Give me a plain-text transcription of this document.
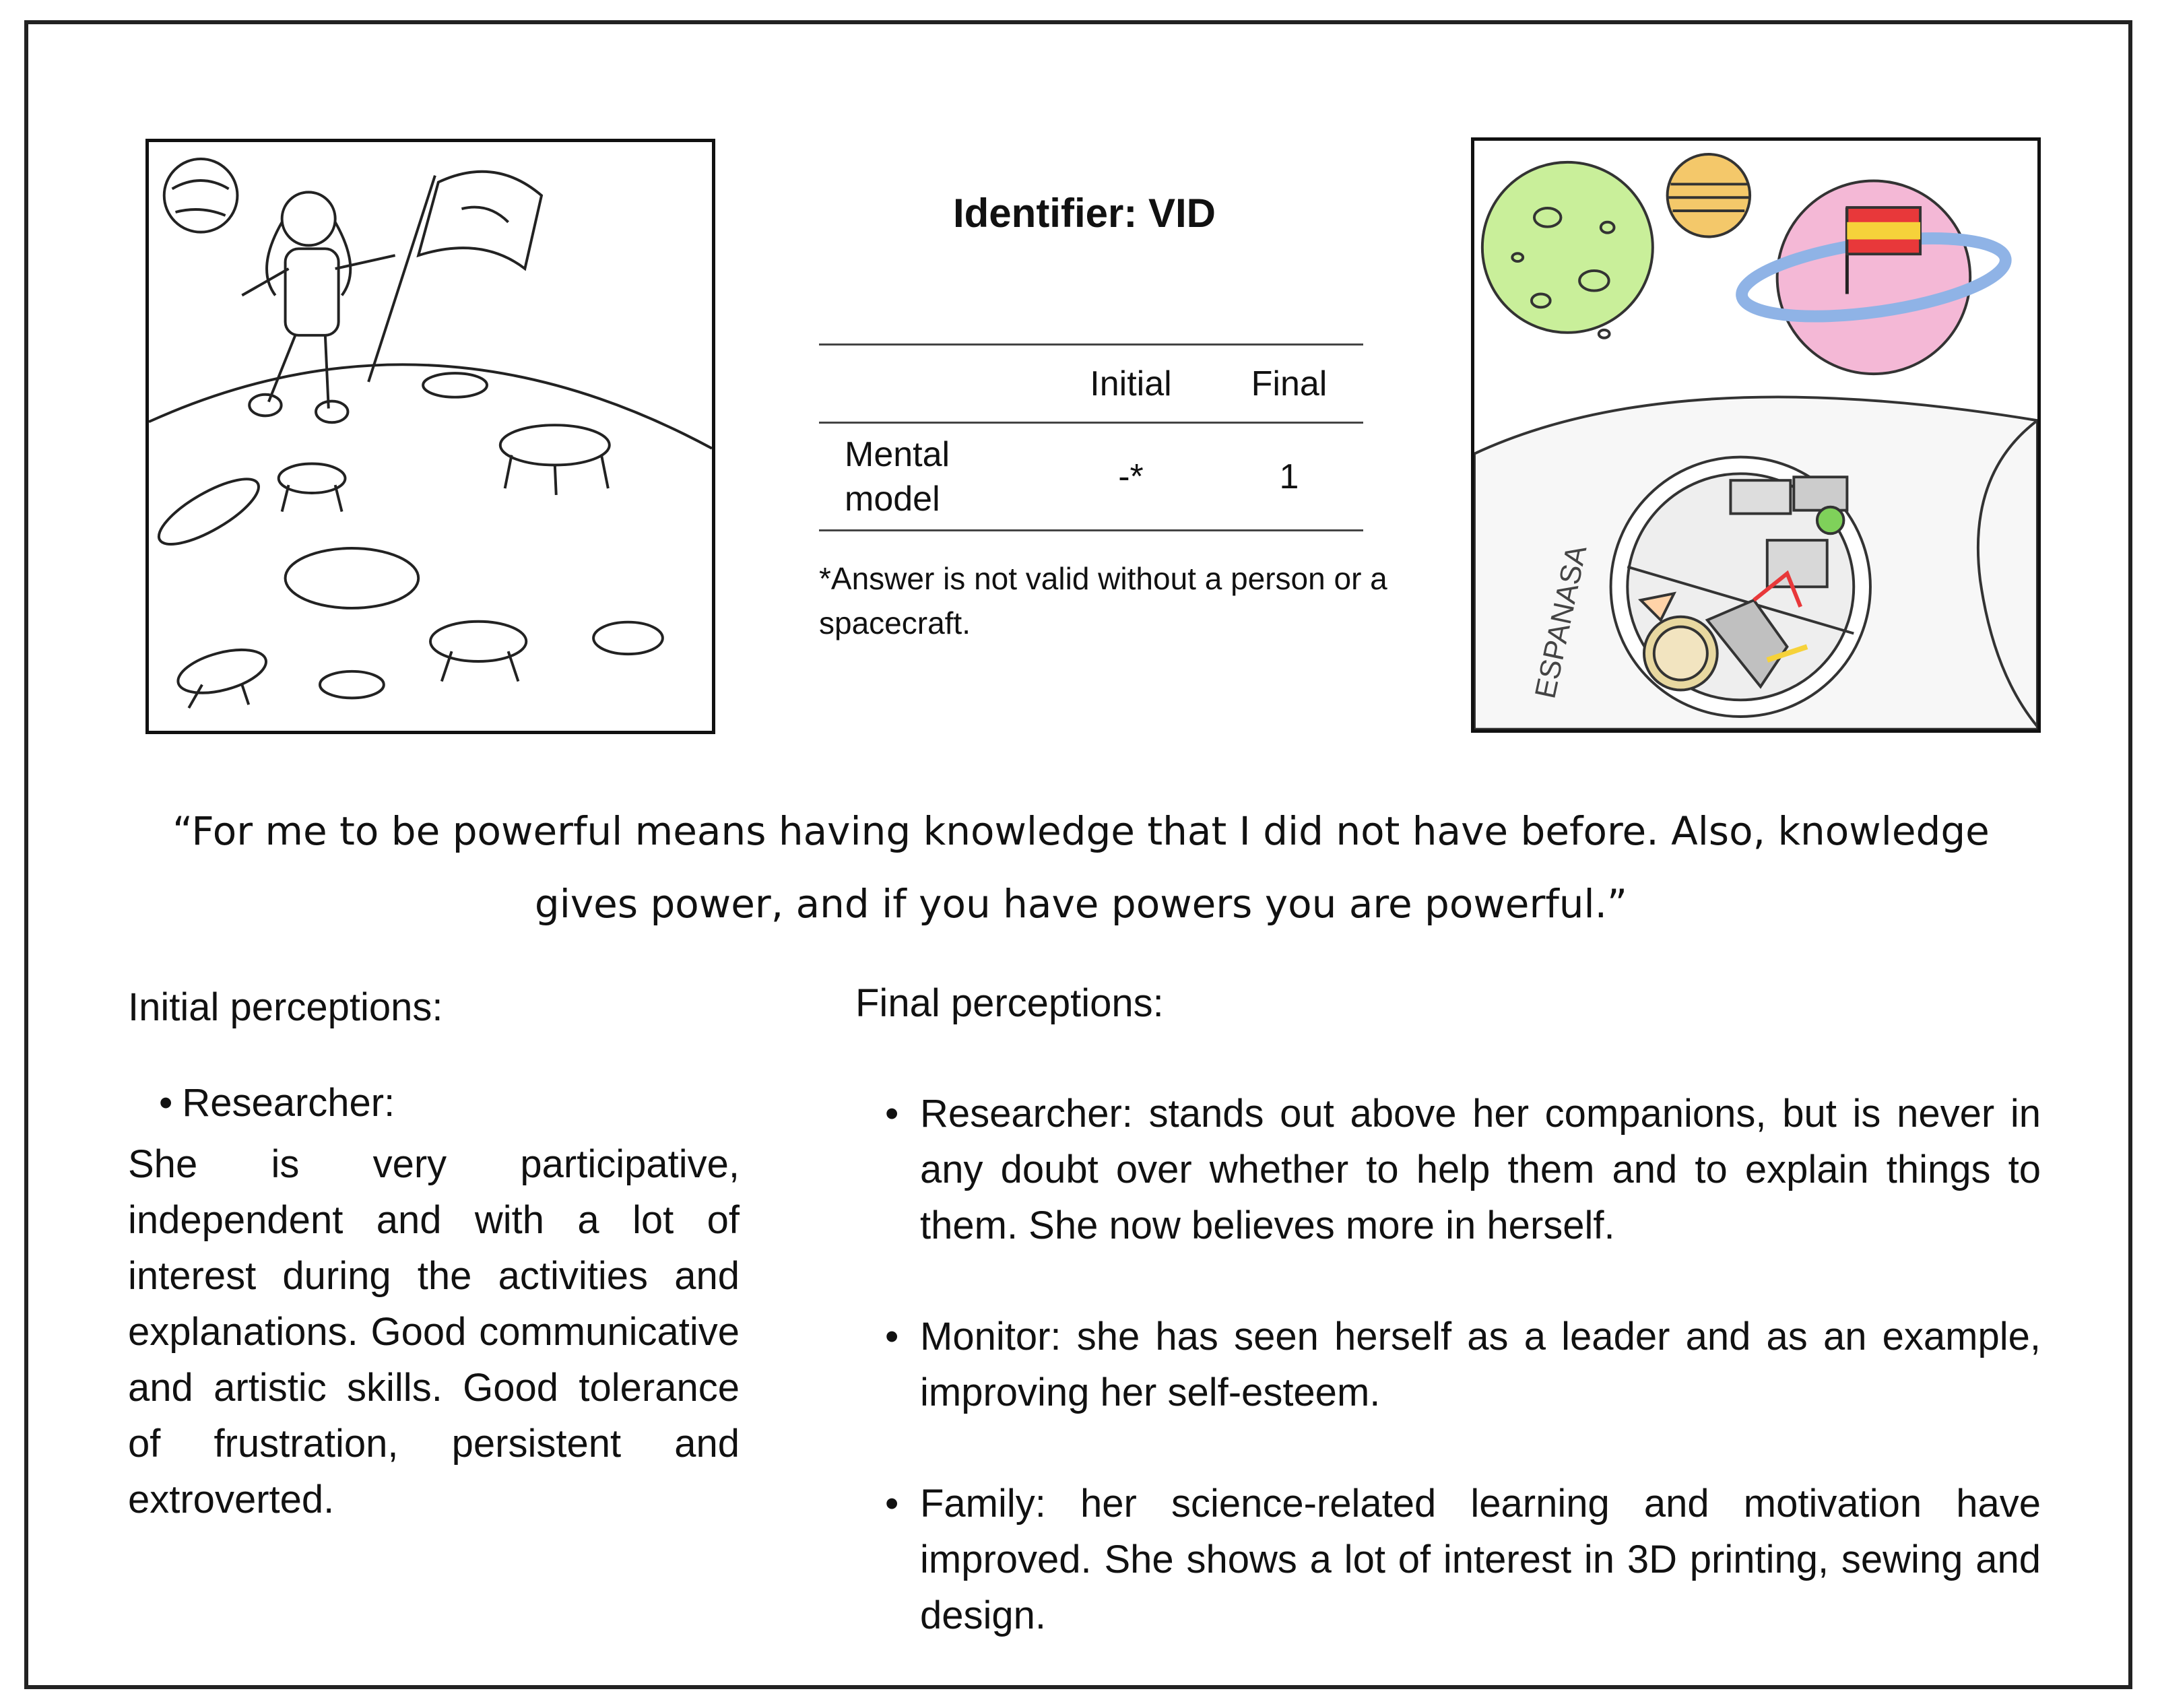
Identifier: VID
	Initial	Final
Mental model	-*	1
*Answer is not valid without a person or a spacecraft.	ESPANASA
“For me to be powerful means having knowledge that I did not have before. Also, knowledge gives power, and if you have powers you are powerful.”
Initial perceptions:	Final perceptions:
• Researcher:
She is very participative, independent and with a lot of interest during the activities and explanations. Good communicative and artistic skills. Good tolerance of frustration, persistent and extroverted.
• Researcher: stands out above her companions, but is never in any doubt over whether to help them and to explain things to them. She now believes more in herself.
• Monitor: she has seen herself as a leader and as an example, improving her self-esteem.
• Family: her science-related learning and motivation have improved. She shows a lot of interest in 3D printing, sewing and design.
